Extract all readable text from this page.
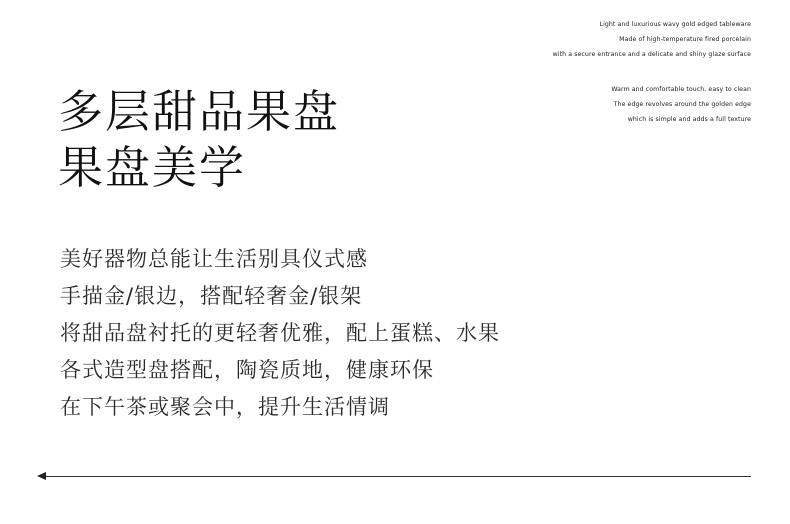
Light and luxurious wavy gold edged tableware
Made of high-temperature fired porcelain
with a secure entrance and a delicate and shiny glaze surface
Warm and comfortable touch, easy to clean
The edge revolves around the golden edge
which is simple and adds a full texture
多层甜品果盘
果盘美学
美好器物总能让生活别具仪式感
手描金/银边，搭配轻奢金/银架
将甜品盘衬托的更轻奢优雅，配上蛋糕、水果
各式造型盘搭配，陶瓷质地，健康环保
在下午茶或聚会中，提升生活情调
